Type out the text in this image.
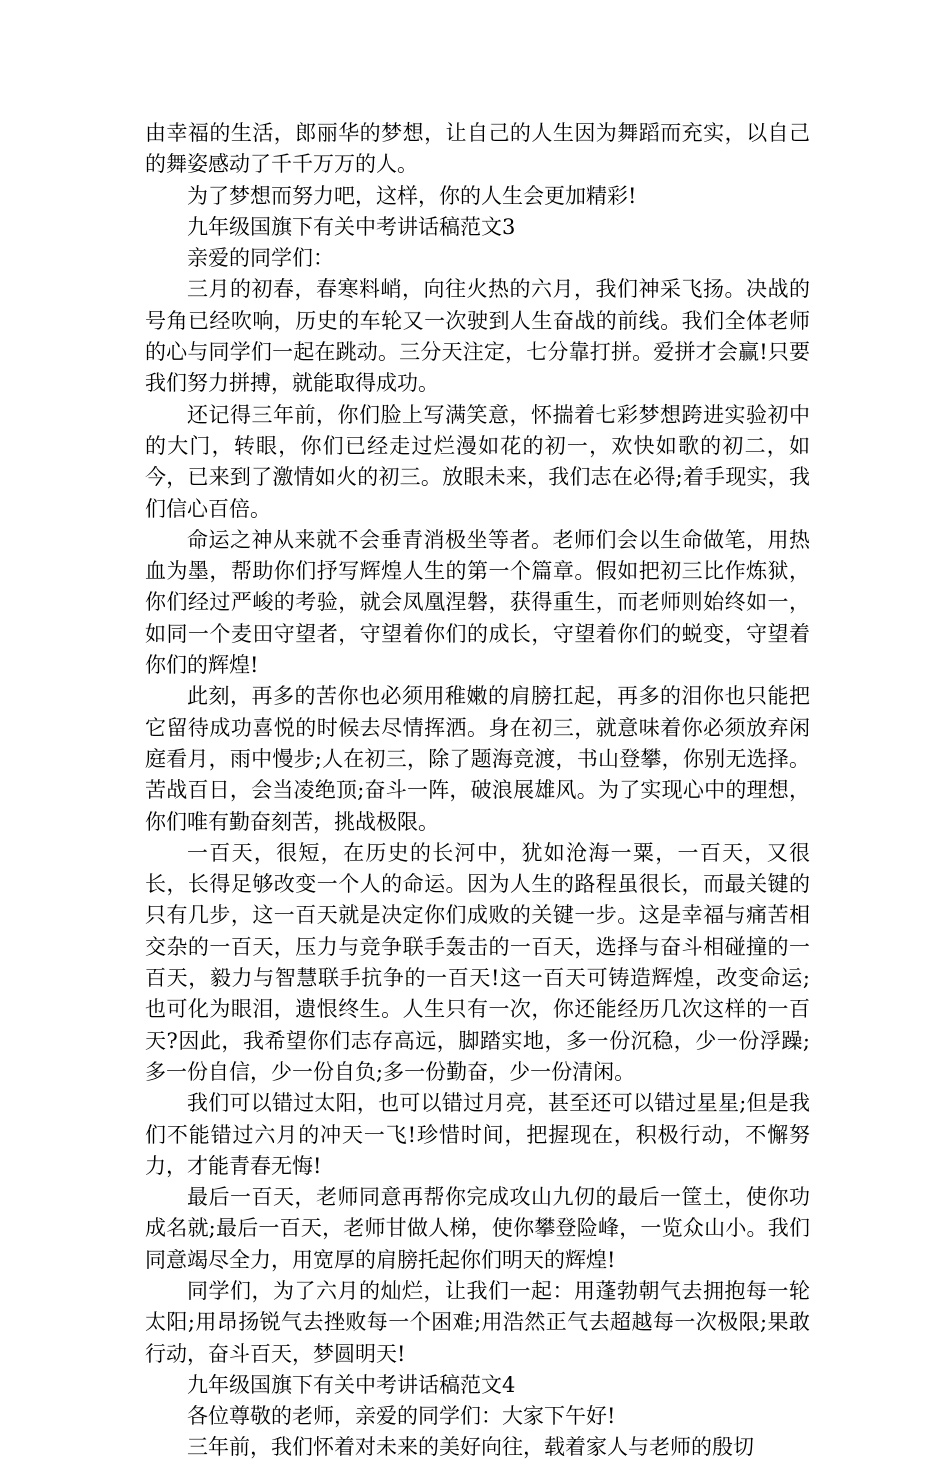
由幸福的生活，郎丽华的梦想，让自己的人生因为舞蹈而充实，以自己的舞姿感动了千千万万的人。

为了梦想而努力吧，这样，你的人生会更加精彩!

九年级国旗下有关中考讲话稿范文3

亲爱的同学们：

三月的初春，春寒料峭，向往火热的六月，我们神采飞扬。决战的号角已经吹响，历史的车轮又一次驶到人生奋战的前线。我们全体老师的心与同学们一起在跳动。三分天注定，七分靠打拼。爱拼才会赢!只要我们努力拼搏，就能取得成功。

还记得三年前，你们脸上写满笑意，怀揣着七彩梦想跨进实验初中的大门，转眼，你们已经走过烂漫如花的初一，欢快如歌的初二，如今，已来到了激情如火的初三。放眼未来，我们志在必得;着手现实，我们信心百倍。

命运之神从来就不会垂青消极坐等者。老师们会以生命做笔，用热血为墨，帮助你们抒写辉煌人生的第一个篇章。假如把初三比作炼狱，你们经过严峻的考验，就会凤凰涅磐，获得重生，而老师则始终如一，如同一个麦田守望者，守望着你们的成长，守望着你们的蜕变，守望着你们的辉煌!

此刻，再多的苦你也必须用稚嫩的肩膀扛起，再多的泪你也只能把它留待成功喜悦的时候去尽情挥洒。身在初三，就意味着你必须放弃闲庭看月，雨中慢步;人在初三，除了题海竞渡，书山登攀，你别无选择。苦战百日，会当凌绝顶;奋斗一阵，破浪展雄风。为了实现心中的理想，你们唯有勤奋刻苦，挑战极限。

一百天，很短，在历史的长河中，犹如沧海一粟，一百天，又很长，长得足够改变一个人的命运。因为人生的路程虽很长，而最关键的只有几步，这一百天就是决定你们成败的关键一步。这是幸福与痛苦相交杂的一百天，压力与竞争联手轰击的一百天，选择与奋斗相碰撞的一百天，毅力与智慧联手抗争的一百天!这一百天可铸造辉煌，改变命运;也可化为眼泪，遗恨终生。人生只有一次，你还能经历几次这样的一百天?因此，我希望你们志存高远，脚踏实地，多一份沉稳，少一份浮躁;多一份自信，少一份自负;多一份勤奋，少一份清闲。

我们可以错过太阳，也可以错过月亮，甚至还可以错过星星;但是我们不能错过六月的冲天一飞!珍惜时间，把握现在，积极行动，不懈努力，才能青春无悔!

最后一百天，老师同意再帮你完成攻山九仞的最后一筐土，使你功成名就;最后一百天，老师甘做人梯，使你攀登险峰，一览众山小。我们同意竭尽全力，用宽厚的肩膀托起你们明天的辉煌!

同学们，为了六月的灿烂，让我们一起：用蓬勃朝气去拥抱每一轮太阳;用昂扬锐气去挫败每一个困难;用浩然正气去超越每一次极限;果敢行动，奋斗百天，梦圆明天!

九年级国旗下有关中考讲话稿范文4

各位尊敬的老师，亲爱的同学们：大家下午好!

三年前，我们怀着对未来的美好向往，载着家人与老师的殷切
